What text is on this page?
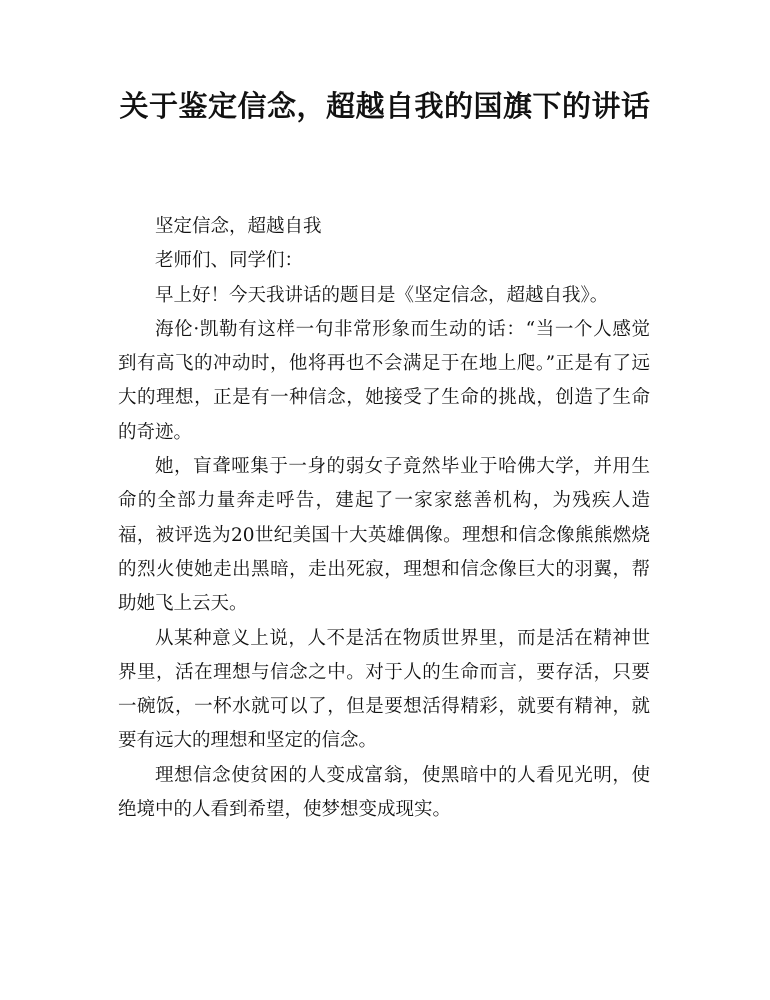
关于鉴定信念，超越自我的国旗下的讲话

坚定信念，超越自我

老师们、同学们：

早上好！今天我讲话的题目是《坚定信念，超越自我》。

海伦·凯勒有这样一句非常形象而生动的话：“当一个人感觉到有高飞的冲动时，他将再也不会满足于在地上爬。”正是有了远大的理想，正是有一种信念，她接受了生命的挑战，创造了生命的奇迹。

她，盲聋哑集于一身的弱女子竟然毕业于哈佛大学，并用生命的全部力量奔走呼告，建起了一家家慈善机构，为残疾人造福，被评选为20世纪美国十大英雄偶像。理想和信念像熊熊燃烧的烈火使她走出黑暗，走出死寂，理想和信念像巨大的羽翼，帮助她飞上云天。

从某种意义上说，人不是活在物质世界里，而是活在精神世界里，活在理想与信念之中。对于人的生命而言，要存活，只要一碗饭，一杯水就可以了，但是要想活得精彩，就要有精神，就要有远大的理想和坚定的信念。

理想信念使贫困的人变成富翁，使黑暗中的人看见光明，使绝境中的人看到希望，使梦想变成现实。
